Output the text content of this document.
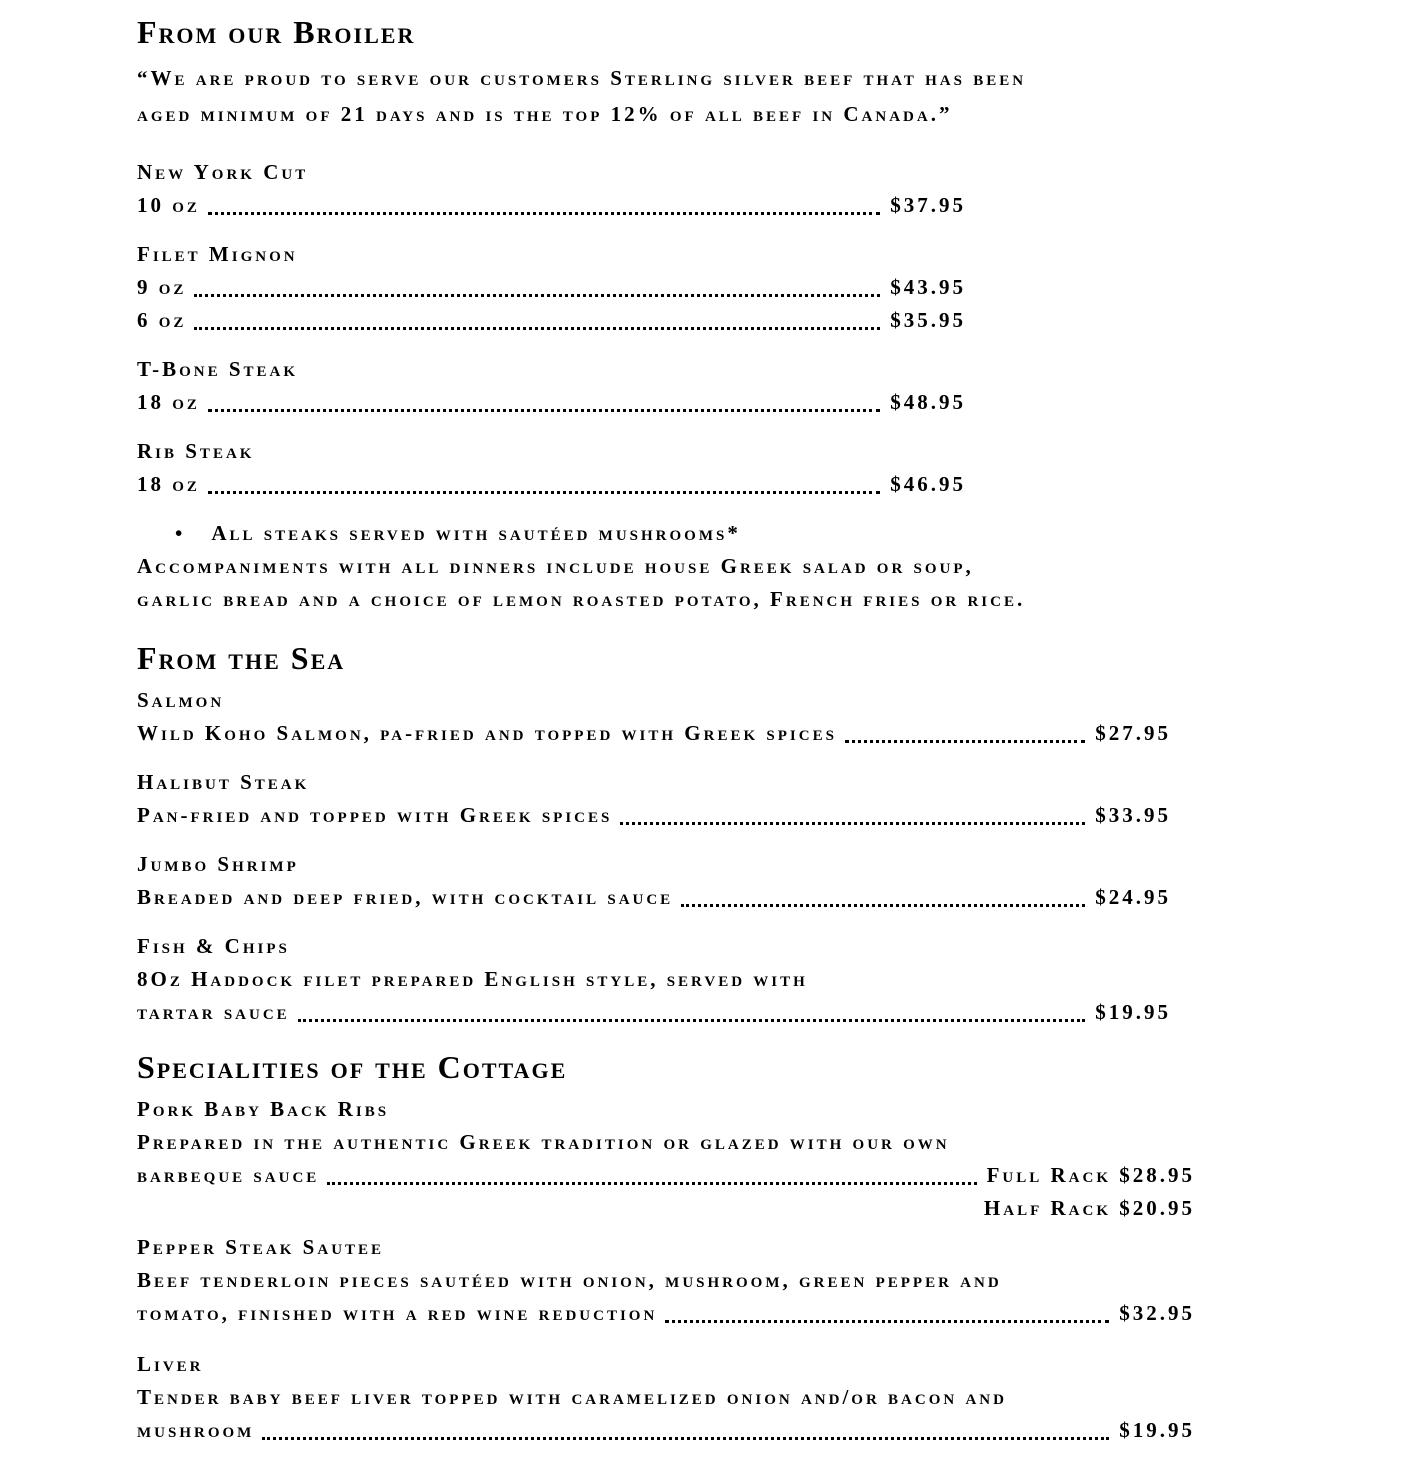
From our Broiler
“We are proud to serve our customers Sterling silver beef that has been
aged minimum of 21 days and is the top 12% of all beef in Canada.”
New York Cut
10 oz	$37.95
Filet Mignon
9 oz	$43.95
6 oz	$35.95
T-Bone Steak
18 oz	$48.95
Rib Steak
18 oz	$46.95
• All steaks served with sautéed mushrooms*
Accompaniments with all dinners include house Greek salad or soup,
garlic bread and a choice of lemon roasted potato, French fries or rice.
From the Sea
Salmon
Wild Koho Salmon, pa-fried and topped with Greek spices	$27.95
Halibut Steak
Pan-fried and topped with Greek spices	$33.95
Jumbo Shrimp
Breaded and deep fried, with cocktail sauce	$24.95
Fish & Chips
8Oz Haddock filet prepared English style, served with
tartar sauce	$19.95
Specialities of the Cottage
Pork Baby Back Ribs
Prepared in the authentic Greek tradition or glazed with our own
barbeque sauce	Full Rack $28.95
Half Rack $20.95
Pepper Steak Sautee
Beef tenderloin pieces sautéed with onion, mushroom, green pepper and
tomato, finished with a red wine reduction	$32.95
Liver
Tender baby beef liver topped with caramelized onion and/or bacon and
mushroom	$19.95
